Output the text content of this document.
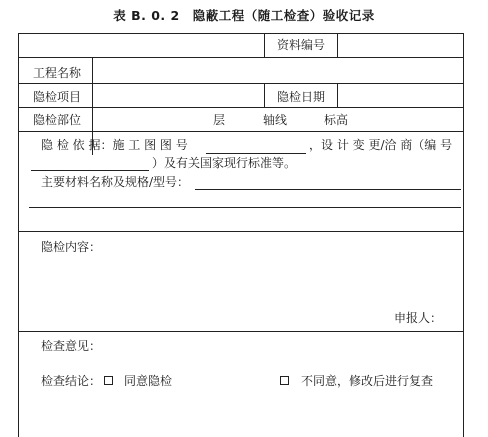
表 B. 0. 2　隐蔽工程（随工检查）验收记录
资料编号
工程名称
隐检项目	隐检日期
隐检部位	层	轴线	标高
隐 检 依 据：施 工 图 图 号	，设 计 变 更/洽 商（编 号
）及有关国家现行标准等。
主要材料名称及规格/型号：
隐检内容：
申报人：
检查意见：
检查结论： 同意隐检	不同意，修改后进行复查
